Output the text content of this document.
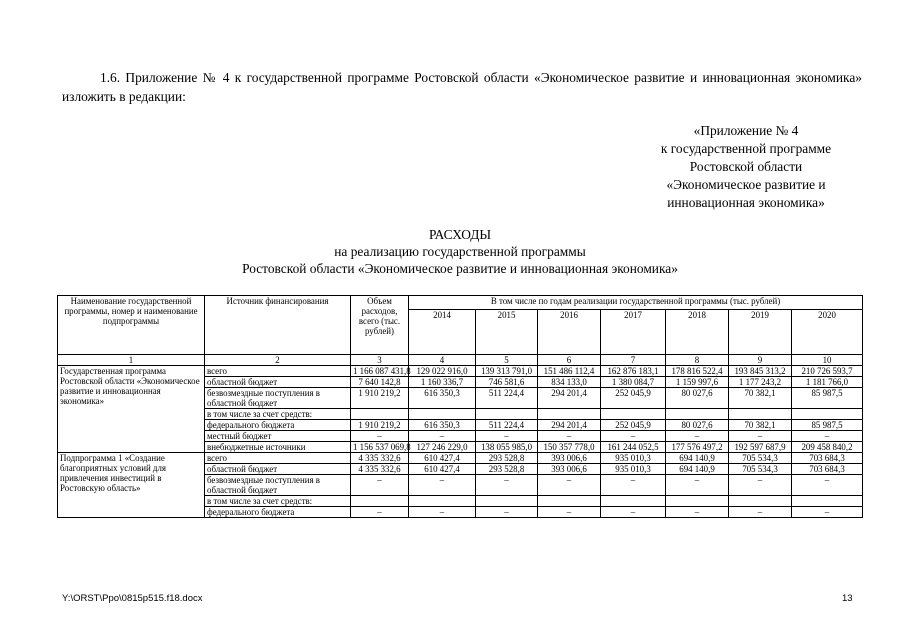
1.6. Приложение № 4 к государственной программе Ростовской области «Экономическое развитие и инновационная экономика» изложить в редакции:
«Приложение № 4
к государственной программе
Ростовской области
«Экономическое развитие и
инновационная экономика»
РАСХОДЫ
на реализацию государственной программы
Ростовской области «Экономическое развитие и инновационная экономика»
Наименование государственной программы, номер и наименование подпрограммы	Источник финансирования	Объем расходов, всего (тыс. рублей)	В том числе по годам реализации государственной программы (тыс. рублей)						
			2014	2015	2016	2017	2018	2019	2020
1	2	3	4	5	6	7	8	9	10
Государственная программа Ростовской области «Экономическое развитие и инновационная экономика»	всего	1 166 087 431,8	129 022 916,0	139 313 791,0	151 486 112,4	162 876 183,1	178 816 522,4	193 845 313,2	210 726 593,7
	областной бюджет	7 640 142,8	1 160 336,7	746 581,6	834 133,0	1 380 084,7	1 159 997,6	1 177 243,2	1 181 766,0
	безвозмездные поступления в областной бюджет	1 910 219,2	616 350,3	511 224,4	294 201,4	252 045,9	80 027,6	70 382,1	85 987,5
	в том числе за счет средств:								
	федерального бюджета	1 910 219,2	616 350,3	511 224,4	294 201,4	252 045,9	80 027,6	70 382,1	85 987,5
	местный бюджет	–	–	–	–	–	–	–	–
	внебюджетные источники	1 156 537 069,8	127 246 229,0	138 055 985,0	150 357 778,0	161 244 052,5	177 576 497,2	192 597 687,9	209 458 840,2
Подпрограмма 1 «Создание благоприятных условий для привлечения инвестиций в Ростовскую область»	всего	4 335 332,6	610 427,4	293 528,8	393 006,6	935 010,3	694 140,9	705 534,3	703 684,3
	областной бюджет	4 335 332,6	610 427,4	293 528,8	393 006,6	935 010,3	694 140,9	705 534,3	703 684,3
	безвозмездные поступления в областной бюджет	–	–	–	–	–	–	–	–
	в том числе за счет средств:								
	федерального бюджета	–	–	–	–	–	–	–	–
Y:\ORST\Ppo\0815p515.f18.docx	13
